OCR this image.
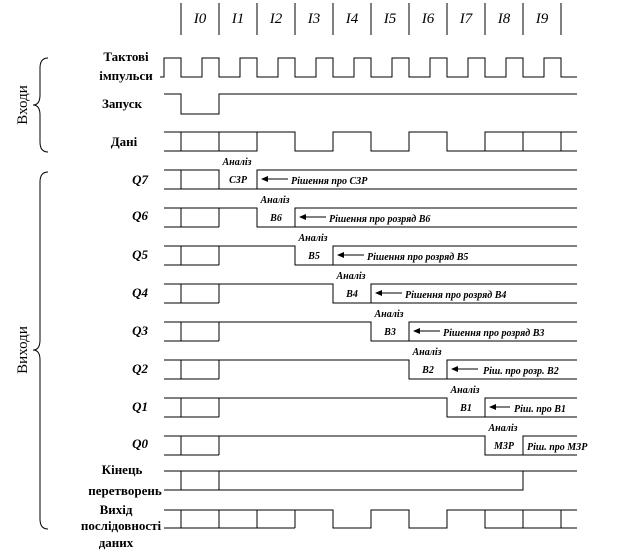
I0 I1 I2 I3 I4 I5 I6 I7 I8 I9
Входи
Виходи
Тактові
імпульси
Запуск
Дані
Q7
Аналіз
СЗР	Рішення про СЗР
Q6
Аналіз
B6	Рішення про розряд B6
Q5
Аналіз
B5	Рішення про розряд B5
Q4
Аналіз
B4	Рішення про розряд B4
Q3
Аналіз
B3	Рішення про розряд B3
Q2
Аналіз
B2	Ріш. про розр. B2
Q1
Аналіз
B1	Ріш. про B1
Q0
Аналіз
МЗР Ріш. про МЗР
Кінець
перетворень
Вихід
послідовності
даних
